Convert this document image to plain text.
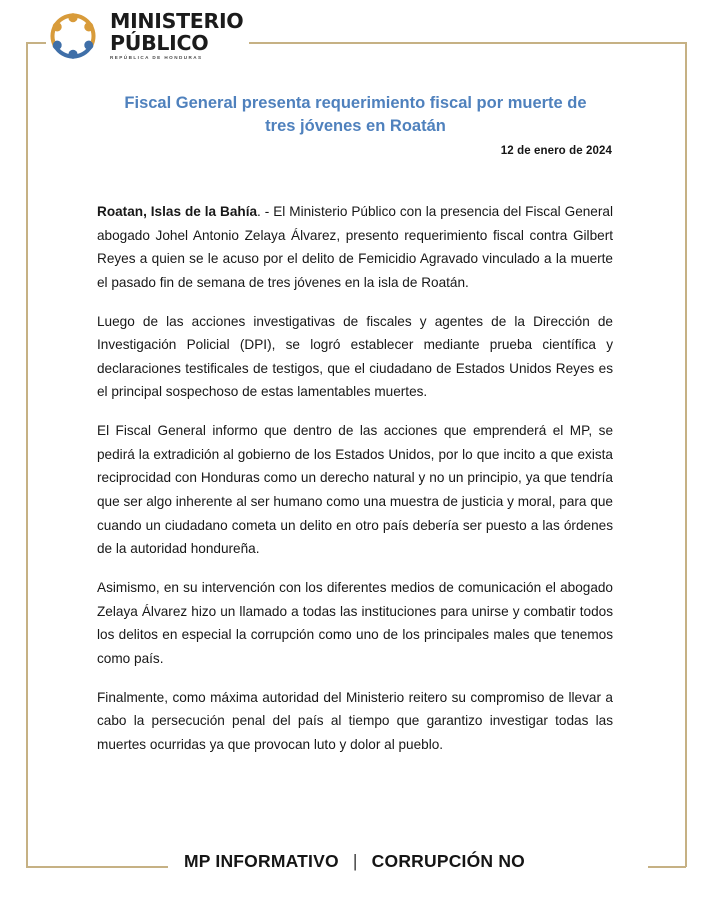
MINISTERIO
PÚBLICO
REPÚBLICA DE HONDURAS
Fiscal General presenta requerimiento fiscal por muerte de tres jóvenes en Roatán
12 de enero de 2024

Roatan, Islas de la Bahía. - El Ministerio Público con la presencia del Fiscal General abogado Johel Antonio Zelaya Álvarez, presento requerimiento fiscal contra Gilbert Reyes a quien se le acuso por el delito de Femicidio Agravado vinculado a la muerte el pasado fin de semana de tres jóvenes en la isla de Roatán.

Luego de las acciones investigativas de fiscales y agentes de la Dirección de Investigación Policial (DPI), se logró establecer mediante prueba científica y declaraciones testificales de testigos, que el ciudadano de Estados Unidos Reyes es el principal sospechoso de estas lamentables muertes.

El Fiscal General informo que dentro de las acciones que emprenderá el MP, se pedirá la extradición al gobierno de los Estados Unidos, por lo que incito a que exista reciprocidad con Honduras como un derecho natural y no un principio, ya que tendría que ser algo inherente al ser humano como una muestra de justicia y moral, para que cuando un ciudadano cometa un delito en otro país debería ser puesto a las órdenes de la autoridad hondureña.

Asimismo, en su intervención con los diferentes medios de comunicación el abogado Zelaya Álvarez hizo un llamado a todas las instituciones para unirse y combatir todos los delitos en especial la corrupción como uno de los principales males que tenemos como país.

Finalmente, como máxima autoridad del Ministerio reitero su compromiso de llevar a cabo la persecución penal del país al tiempo que garantizo investigar todas las muertes ocurridas ya que provocan luto y dolor al pueblo.

MP INFORMATIVO | CORRUPCIÓN NO
